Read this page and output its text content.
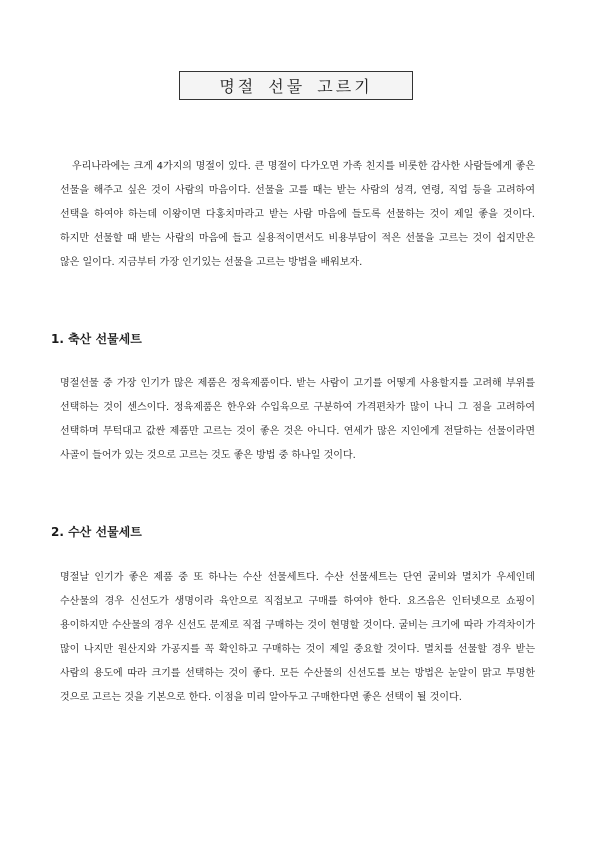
명절 선물 고르기

우리나라에는 크게 4가지의 명절이 있다. 큰 명절이 다가오면 가족 친지를 비롯한 감사한 사람들에게 좋은 선물을 해주고 싶은 것이 사람의 마음이다. 선물을 고를 때는 받는 사람의 성격, 연령, 직업 등을 고려하여 선택을 하여야 하는데 이왕이면 다홍치마라고 받는 사람 마음에 들도록 선물하는 것이 제일 좋을 것이다. 하지만 선물할 때 받는 사람의 마음에 들고 실용적이면서도 비용부담이 적은 선물을 고르는 것이 쉽지만은 않은 일이다. 지금부터 가장 인기있는 선물을 고르는 방법을 배워보자.

1. 축산 선물세트

명절선물 중 가장 인기가 많은 제품은 정육제품이다. 받는 사람이 고기를 어떻게 사용할지를 고려해 부위를 선택하는 것이 센스이다. 정육제품은 한우와 수입육으로 구분하여 가격편차가 많이 나니 그 점을 고려하여 선택하며 무턱대고 값싼 제품만 고르는 것이 좋은 것은 아니다. 연세가 많은 지인에게 전달하는 선물이라면 사골이 들어가 있는 것으로 고르는 것도 좋은 방법 중 하나일 것이다.

2. 수산 선물세트

명절날 인기가 좋은 제품 중 또 하나는 수산 선물세트다. 수산 선물세트는 단연 굴비와 멸치가 우세인데 수산물의 경우 신선도가 생명이라 육안으로 직접보고 구매를 하여야 한다. 요즈음은 인터넷으로 쇼핑이 용이하지만 수산물의 경우 신선도 문제로 직접 구매하는 것이 현명할 것이다. 굴비는 크기에 따라 가격차이가 많이 나지만 원산지와 가공지를 꼭 확인하고 구매하는 것이 제일 중요할 것이다. 멸치를 선물할 경우 받는 사람의 용도에 따라 크기를 선택하는 것이 좋다. 모든 수산물의 신선도를 보는 방법은 눈알이 맑고 투명한 것으로 고르는 것을 기본으로 한다. 이점을 미리 알아두고 구매한다면 좋은 선택이 될 것이다.
